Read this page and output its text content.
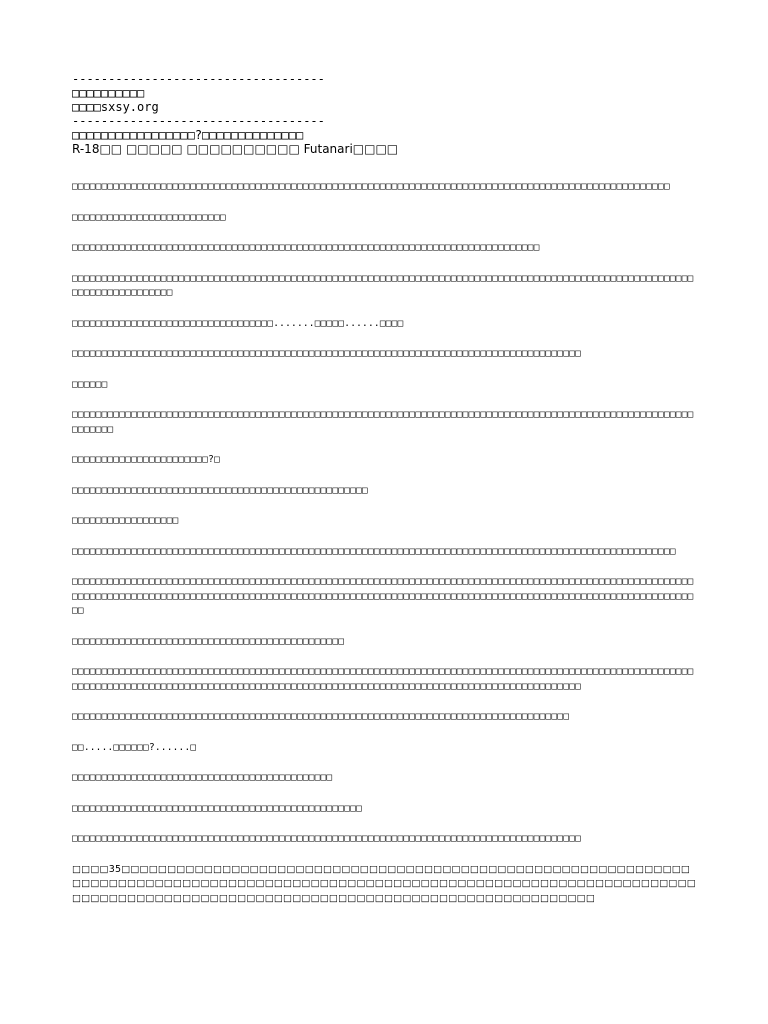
-----------------------------------

□□□□□□□□□□

□□□□sxsy.org

-----------------------------------

□□□□□□□□□□□□□□□□□?□□□□□□□□□□□□□□

R-18□□ □□□□□ □□□□□□□□□□ Futanari□□□□

□□□□□□□□□□□□□□□□□□□□□□□□□□□□□□□□□□□□□□□□□□□□□□□□□□□□□□□□□□□□□□□□□□□□□□□□□□□□□□□□□□□□□□□□□□□□□□□□□□□□□

□□□□□□□□□□□□□□□□□□□□□□□□□□

□□□□□□□□□□□□□□□□□□□□□□□□□□□□□□□□□□□□□□□□□□□□□□□□□□□□□□□□□□□□□□□□□□□□□□□□□□□□□□□

□□□□□□□□□□□□□□□□□□□□□□□□□□□□□□□□□□□□□□□□□□□□□□□□□□□□□□□□□□□□□□□□□□□□□□□□□□□□□□□□□□□□□□□□□□□□□□□□□□□□□□□□□□□□□□□□□□□□□□□□□□

□□□□□□□□□□□□□□□□□□□□□□□□□□□□□□□□□□.......□□□□□......□□□□

□□□□□□□□□□□□□□□□□□□□□□□□□□□□□□□□□□□□□□□□□□□□□□□□□□□□□□□□□□□□□□□□□□□□□□□□□□□□□□□□□□□□□□

□□□□□□

□□□□□□□□□□□□□□□□□□□□□□□□□□□□□□□□□□□□□□□□□□□□□□□□□□□□□□□□□□□□□□□□□□□□□□□□□□□□□□□□□□□□□□□□□□□□□□□□□□□□□□□□□□□□□□□□

□□□□□□□□□□□□□□□□□□□□□□□?□

□□□□□□□□□□□□□□□□□□□□□□□□□□□□□□□□□□□□□□□□□□□□□□□□□□

□□□□□□□□□□□□□□□□□□

□□□□□□□□□□□□□□□□□□□□□□□□□□□□□□□□□□□□□□□□□□□□□□□□□□□□□□□□□□□□□□□□□□□□□□□□□□□□□□□□□□□□□□□□□□□□□□□□□□□□□□

□□□□□□□□□□□□□□□□□□□□□□□□□□□□□□□□□□□□□□□□□□□□□□□□□□□□□□□□□□□□□□□□□□□□□□□□□□□□□□□□□□□□□□□□□□□□□□□□□□□□□□□□□□□□□□□□□□□□□□□□□□□□□□□□□□□□□□□□□□□□□□□□□□□□□□□□□□□□□□□□□□□□□□□□□□□□□□□□□□□□□□□□□□□□□□□□□□□□□□□□□□□□□□□□□□□□

□□□□□□□□□□□□□□□□□□□□□□□□□□□□□□□□□□□□□□□□□□□□□□

□□□□□□□□□□□□□□□□□□□□□□□□□□□□□□□□□□□□□□□□□□□□□□□□□□□□□□□□□□□□□□□□□□□□□□□□□□□□□□□□□□□□□□□□□□□□□□□□□□□□□□□□□□□□□□□□□□□□□□□□□□□□□□□□□□□□□□□□□□□□□□□□□□□□□□□□□□□□□□□□□□□□□□□□□□□□□□□□□□□□□□□□□□□□□□□

□□□□□□□□□□□□□□□□□□□□□□□□□□□□□□□□□□□□□□□□□□□□□□□□□□□□□□□□□□□□□□□□□□□□□□□□□□□□□□□□□□□□

□□.....□□□□□□?......□

□□□□□□□□□□□□□□□□□□□□□□□□□□□□□□□□□□□□□□□□□□□□

□□□□□□□□□□□□□□□□□□□□□□□□□□□□□□□□□□□□□□□□□□□□□□□□□

□□□□□□□□□□□□□□□□□□□□□□□□□□□□□□□□□□□□□□□□□□□□□□□□□□□□□□□□□□□□□□□□□□□□□□□□□□□□□□□□□□□□□□

□□□□35□□□□□□□□□□□□□□□□□□□□□□□□□□□□□□□□□□□□□□□□□□□□□□□□□□□□□□□□□□□□□□□□□□□□□□□□□□□□□□□□□□□□□□□□□□□□□□□□□□□□□□□□□□□□□□□□□□□□□□□□□□□□□□□□□□□□□□□□□□□□□□□□□□□□□□□□□□□□□□□□□□□□□□□□□□□□□□□□□□□□□□□□□□□
